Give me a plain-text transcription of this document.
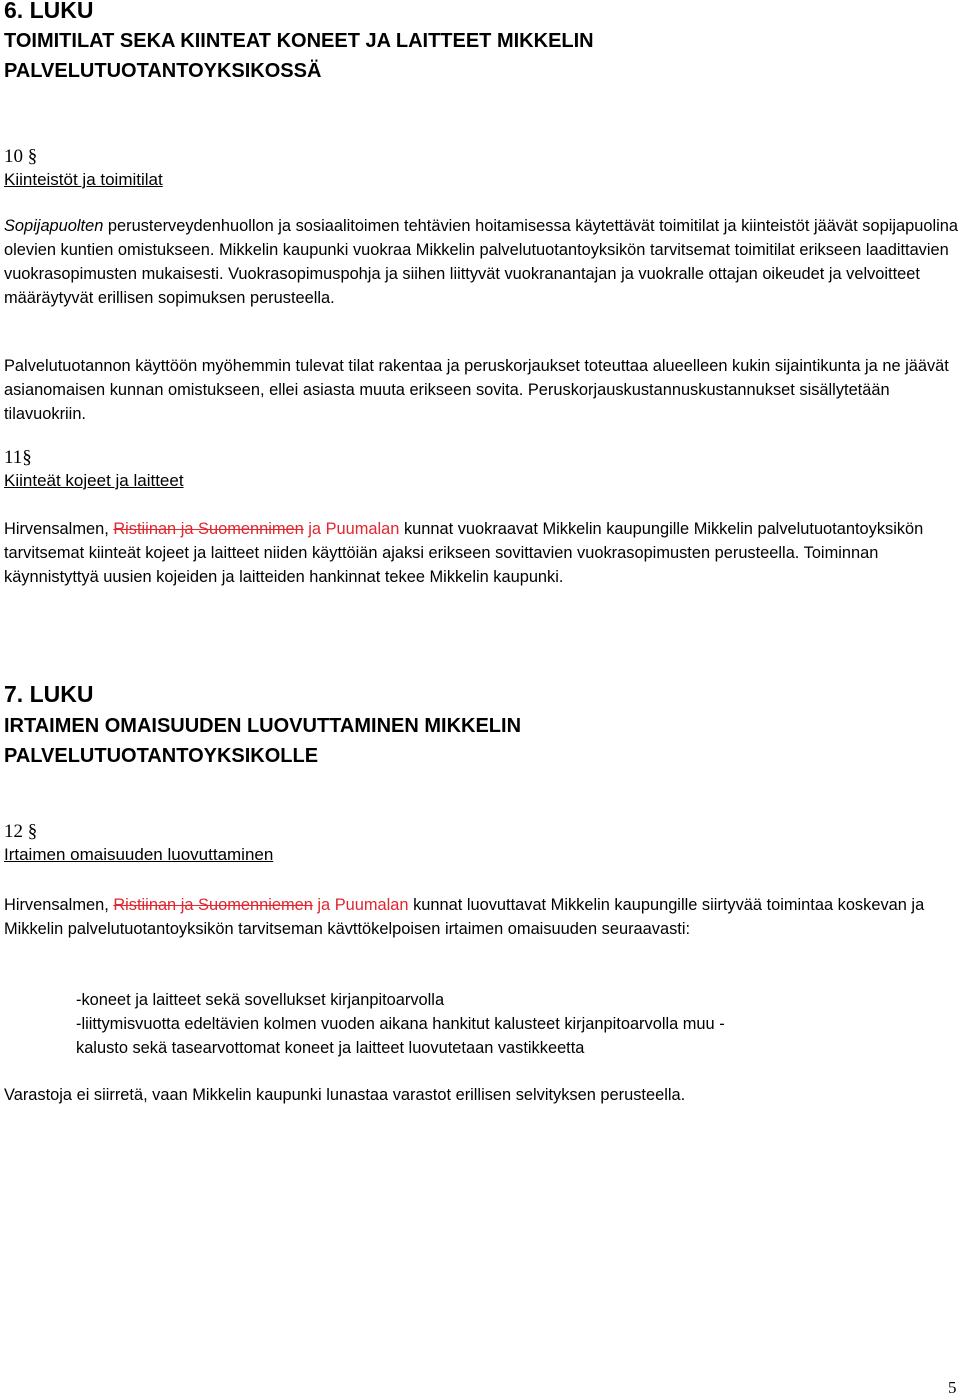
6. LUKU
TOIMITILAT SEKA KIINTEAT KONEET JA LAITTEET MIKKELIN
PALVELUTUOTANTOYKSIKOSSÄ
10 §
Kiinteistöt ja toimitilat
Sopijapuolten perusterveydenhuollon ja sosiaalitoimen tehtävien hoitamisessa käytettävät toimitilat ja kiinteistöt jäävät sopijapuolina olevien kuntien omistukseen. Mikkelin kaupunki vuokraa Mikkelin palvelutuotantoyksikön tarvitsemat toimitilat erikseen laadittavien vuokrasopimusten mukaisesti. Vuokrasopimuspohja ja siihen liittyvät vuokranantajan ja vuokralle ottajan oikeudet ja velvoitteet määräytyvät erillisen sopimuksen perusteella.
Palvelutuotannon käyttöön myöhemmin tulevat tilat rakentaa ja peruskorjaukset toteuttaa alueelleen kukin sijaintikunta ja ne jäävät asianomaisen kunnan omistukseen, ellei asiasta muuta erikseen sovita. Peruskorjauskustannuskustannukset sisällytetään tilavuokriin.
11§
Kiinteät kojeet ja laitteet
Hirvensalmen, Ristiinan ja Suomennimen ja Puumalan kunnat vuokraavat Mikkelin kaupungille Mikkelin palvelutuotantoyksikön tarvitsemat kiinteät kojeet ja laitteet niiden käyttöiän ajaksi erikseen sovittavien vuokrasopimusten perusteella. Toiminnan käynnistyttyä uusien kojeiden ja laitteiden hankinnat tekee Mikkelin kaupunki.
7. LUKU
IRTAIMEN OMAISUUDEN LUOVUTTAMINEN MIKKELIN
PALVELUTUOTANTOYKSIKOLLE
12 §
Irtaimen omaisuuden luovuttaminen
Hirvensalmen, Ristiinan ja Suomenniemen ja Puumalan kunnat luovuttavat Mikkelin kaupungille siirtyvää toimintaa koskevan ja Mikkelin palvelutuotantoyksikön tarvitseman kävttökelpoisen irtaimen omaisuuden seuraavasti:
-koneet ja laitteet sekä sovellukset kirjanpitoarvolla
-liittymisvuotta edeltävien kolmen vuoden aikana hankitut kalusteet kirjanpitoarvolla muu -
kalusto sekä tasearvottomat koneet ja laitteet luovutetaan vastikkeetta
Varastoja ei siirretä, vaan Mikkelin kaupunki lunastaa varastot erillisen selvityksen perusteella.
5
